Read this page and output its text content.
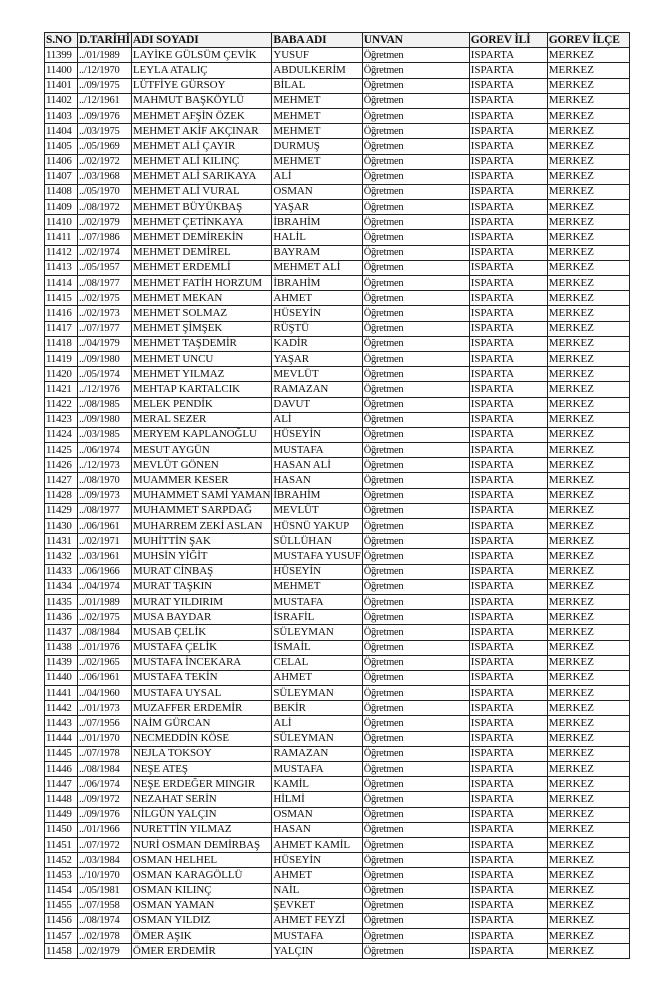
S.NO	D.TARİHİ	ADI SOYADI	BABA ADI	UNVAN	GOREV İLİ	GOREV İLÇE
11399	../01/1989	LAYİKE GÜLSÜM ÇEVİK	YUSUF	Öğretmen	ISPARTA	MERKEZ
11400	../12/1970	LEYLA ATALIÇ	ABDULKERİM	Öğretmen	ISPARTA	MERKEZ
11401	../09/1975	LÜTFİYE GÜRSOY	BİLAL	Öğretmen	ISPARTA	MERKEZ
11402	../12/1961	MAHMUT BAŞKÖYLÜ	MEHMET	Öğretmen	ISPARTA	MERKEZ
11403	../09/1976	MEHMET AFŞİN ÖZEK	MEHMET	Öğretmen	ISPARTA	MERKEZ
11404	../03/1975	MEHMET AKİF AKÇINAR	MEHMET	Öğretmen	ISPARTA	MERKEZ
11405	../05/1969	MEHMET ALİ ÇAYIR	DURMUŞ	Öğretmen	ISPARTA	MERKEZ
11406	../02/1972	MEHMET ALİ KILINÇ	MEHMET	Öğretmen	ISPARTA	MERKEZ
11407	../03/1968	MEHMET ALİ SARIKAYA	ALİ	Öğretmen	ISPARTA	MERKEZ
11408	../05/1970	MEHMET ALİ VURAL	OSMAN	Öğretmen	ISPARTA	MERKEZ
11409	../08/1972	MEHMET BÜYÜKBAŞ	YAŞAR	Öğretmen	ISPARTA	MERKEZ
11410	../02/1979	MEHMET ÇETİNKAYA	İBRAHİM	Öğretmen	ISPARTA	MERKEZ
11411	../07/1986	MEHMET DEMİREKİN	HALİL	Öğretmen	ISPARTA	MERKEZ
11412	../02/1974	MEHMET DEMİREL	BAYRAM	Öğretmen	ISPARTA	MERKEZ
11413	../05/1957	MEHMET ERDEMLİ	MEHMET ALİ	Öğretmen	ISPARTA	MERKEZ
11414	../08/1977	MEHMET FATİH HORZUM	İBRAHİM	Öğretmen	ISPARTA	MERKEZ
11415	../02/1975	MEHMET MEKAN	AHMET	Öğretmen	ISPARTA	MERKEZ
11416	../02/1973	MEHMET SOLMAZ	HÜSEYİN	Öğretmen	ISPARTA	MERKEZ
11417	../07/1977	MEHMET ŞİMŞEK	RÜŞTÜ	Öğretmen	ISPARTA	MERKEZ
11418	../04/1979	MEHMET TAŞDEMİR	KADİR	Öğretmen	ISPARTA	MERKEZ
11419	../09/1980	MEHMET UNCU	YAŞAR	Öğretmen	ISPARTA	MERKEZ
11420	../05/1974	MEHMET YILMAZ	MEVLÜT	Öğretmen	ISPARTA	MERKEZ
11421	../12/1976	MEHTAP KARTALCIK	RAMAZAN	Öğretmen	ISPARTA	MERKEZ
11422	../08/1985	MELEK PENDİK	DAVUT	Öğretmen	ISPARTA	MERKEZ
11423	../09/1980	MERAL SEZER	ALİ	Öğretmen	ISPARTA	MERKEZ
11424	../03/1985	MERYEM KAPLANOĞLU	HÜSEYİN	Öğretmen	ISPARTA	MERKEZ
11425	../06/1974	MESUT AYGÜN	MUSTAFA	Öğretmen	ISPARTA	MERKEZ
11426	../12/1973	MEVLÜT GÖNEN	HASAN ALİ	Öğretmen	ISPARTA	MERKEZ
11427	../08/1970	MUAMMER KESER	HASAN	Öğretmen	ISPARTA	MERKEZ
11428	../09/1973	MUHAMMET SAMİ YAMAN	İBRAHİM	Öğretmen	ISPARTA	MERKEZ
11429	../08/1977	MUHAMMET SARPDAĞ	MEVLÜT	Öğretmen	ISPARTA	MERKEZ
11430	../06/1961	MUHARREM ZEKİ ASLAN	HÜSNÜ YAKUP	Öğretmen	ISPARTA	MERKEZ
11431	../02/1971	MUHİTTİN ŞAK	SÜLLÜHAN	Öğretmen	ISPARTA	MERKEZ
11432	../03/1961	MUHSİN YİĞİT	MUSTAFA YUSUF	Öğretmen	ISPARTA	MERKEZ
11433	../06/1966	MURAT CİNBAŞ	HÜSEYİN	Öğretmen	ISPARTA	MERKEZ
11434	../04/1974	MURAT TAŞKIN	MEHMET	Öğretmen	ISPARTA	MERKEZ
11435	../01/1989	MURAT YILDIRIM	MUSTAFA	Öğretmen	ISPARTA	MERKEZ
11436	../02/1975	MUSA BAYDAR	İSRAFİL	Öğretmen	ISPARTA	MERKEZ
11437	../08/1984	MUSAB ÇELİK	SÜLEYMAN	Öğretmen	ISPARTA	MERKEZ
11438	../01/1976	MUSTAFA ÇELİK	İSMAİL	Öğretmen	ISPARTA	MERKEZ
11439	../02/1965	MUSTAFA İNCEKARA	CELAL	Öğretmen	ISPARTA	MERKEZ
11440	../06/1961	MUSTAFA TEKİN	AHMET	Öğretmen	ISPARTA	MERKEZ
11441	../04/1960	MUSTAFA UYSAL	SÜLEYMAN	Öğretmen	ISPARTA	MERKEZ
11442	../01/1973	MUZAFFER ERDEMİR	BEKİR	Öğretmen	ISPARTA	MERKEZ
11443	../07/1956	NAİM GÜRCAN	ALİ	Öğretmen	ISPARTA	MERKEZ
11444	../01/1970	NECMEDDİN KÖSE	SÜLEYMAN	Öğretmen	ISPARTA	MERKEZ
11445	../07/1978	NEJLA TOKSOY	RAMAZAN	Öğretmen	ISPARTA	MERKEZ
11446	../08/1984	NEŞE ATEŞ	MUSTAFA	Öğretmen	ISPARTA	MERKEZ
11447	../06/1974	NEŞE ERDEĞER MINGIR	KAMİL	Öğretmen	ISPARTA	MERKEZ
11448	../09/1972	NEZAHAT SERİN	HİLMİ	Öğretmen	ISPARTA	MERKEZ
11449	../09/1976	NİLGÜN YALÇIN	OSMAN	Öğretmen	ISPARTA	MERKEZ
11450	../01/1966	NURETTİN YILMAZ	HASAN	Öğretmen	ISPARTA	MERKEZ
11451	../07/1972	NURİ OSMAN DEMİRBAŞ	AHMET KAMİL	Öğretmen	ISPARTA	MERKEZ
11452	../03/1984	OSMAN HELHEL	HÜSEYİN	Öğretmen	ISPARTA	MERKEZ
11453	../10/1970	OSMAN KARAGÖLLÜ	AHMET	Öğretmen	ISPARTA	MERKEZ
11454	../05/1981	OSMAN KILINÇ	NAİL	Öğretmen	ISPARTA	MERKEZ
11455	../07/1958	OSMAN YAMAN	ŞEVKET	Öğretmen	ISPARTA	MERKEZ
11456	../08/1974	OSMAN YILDIZ	AHMET FEYZİ	Öğretmen	ISPARTA	MERKEZ
11457	../02/1978	ÖMER AŞIK	MUSTAFA	Öğretmen	ISPARTA	MERKEZ
11458	../02/1979	ÖMER ERDEMİR	YALÇIN	Öğretmen	ISPARTA	MERKEZ
